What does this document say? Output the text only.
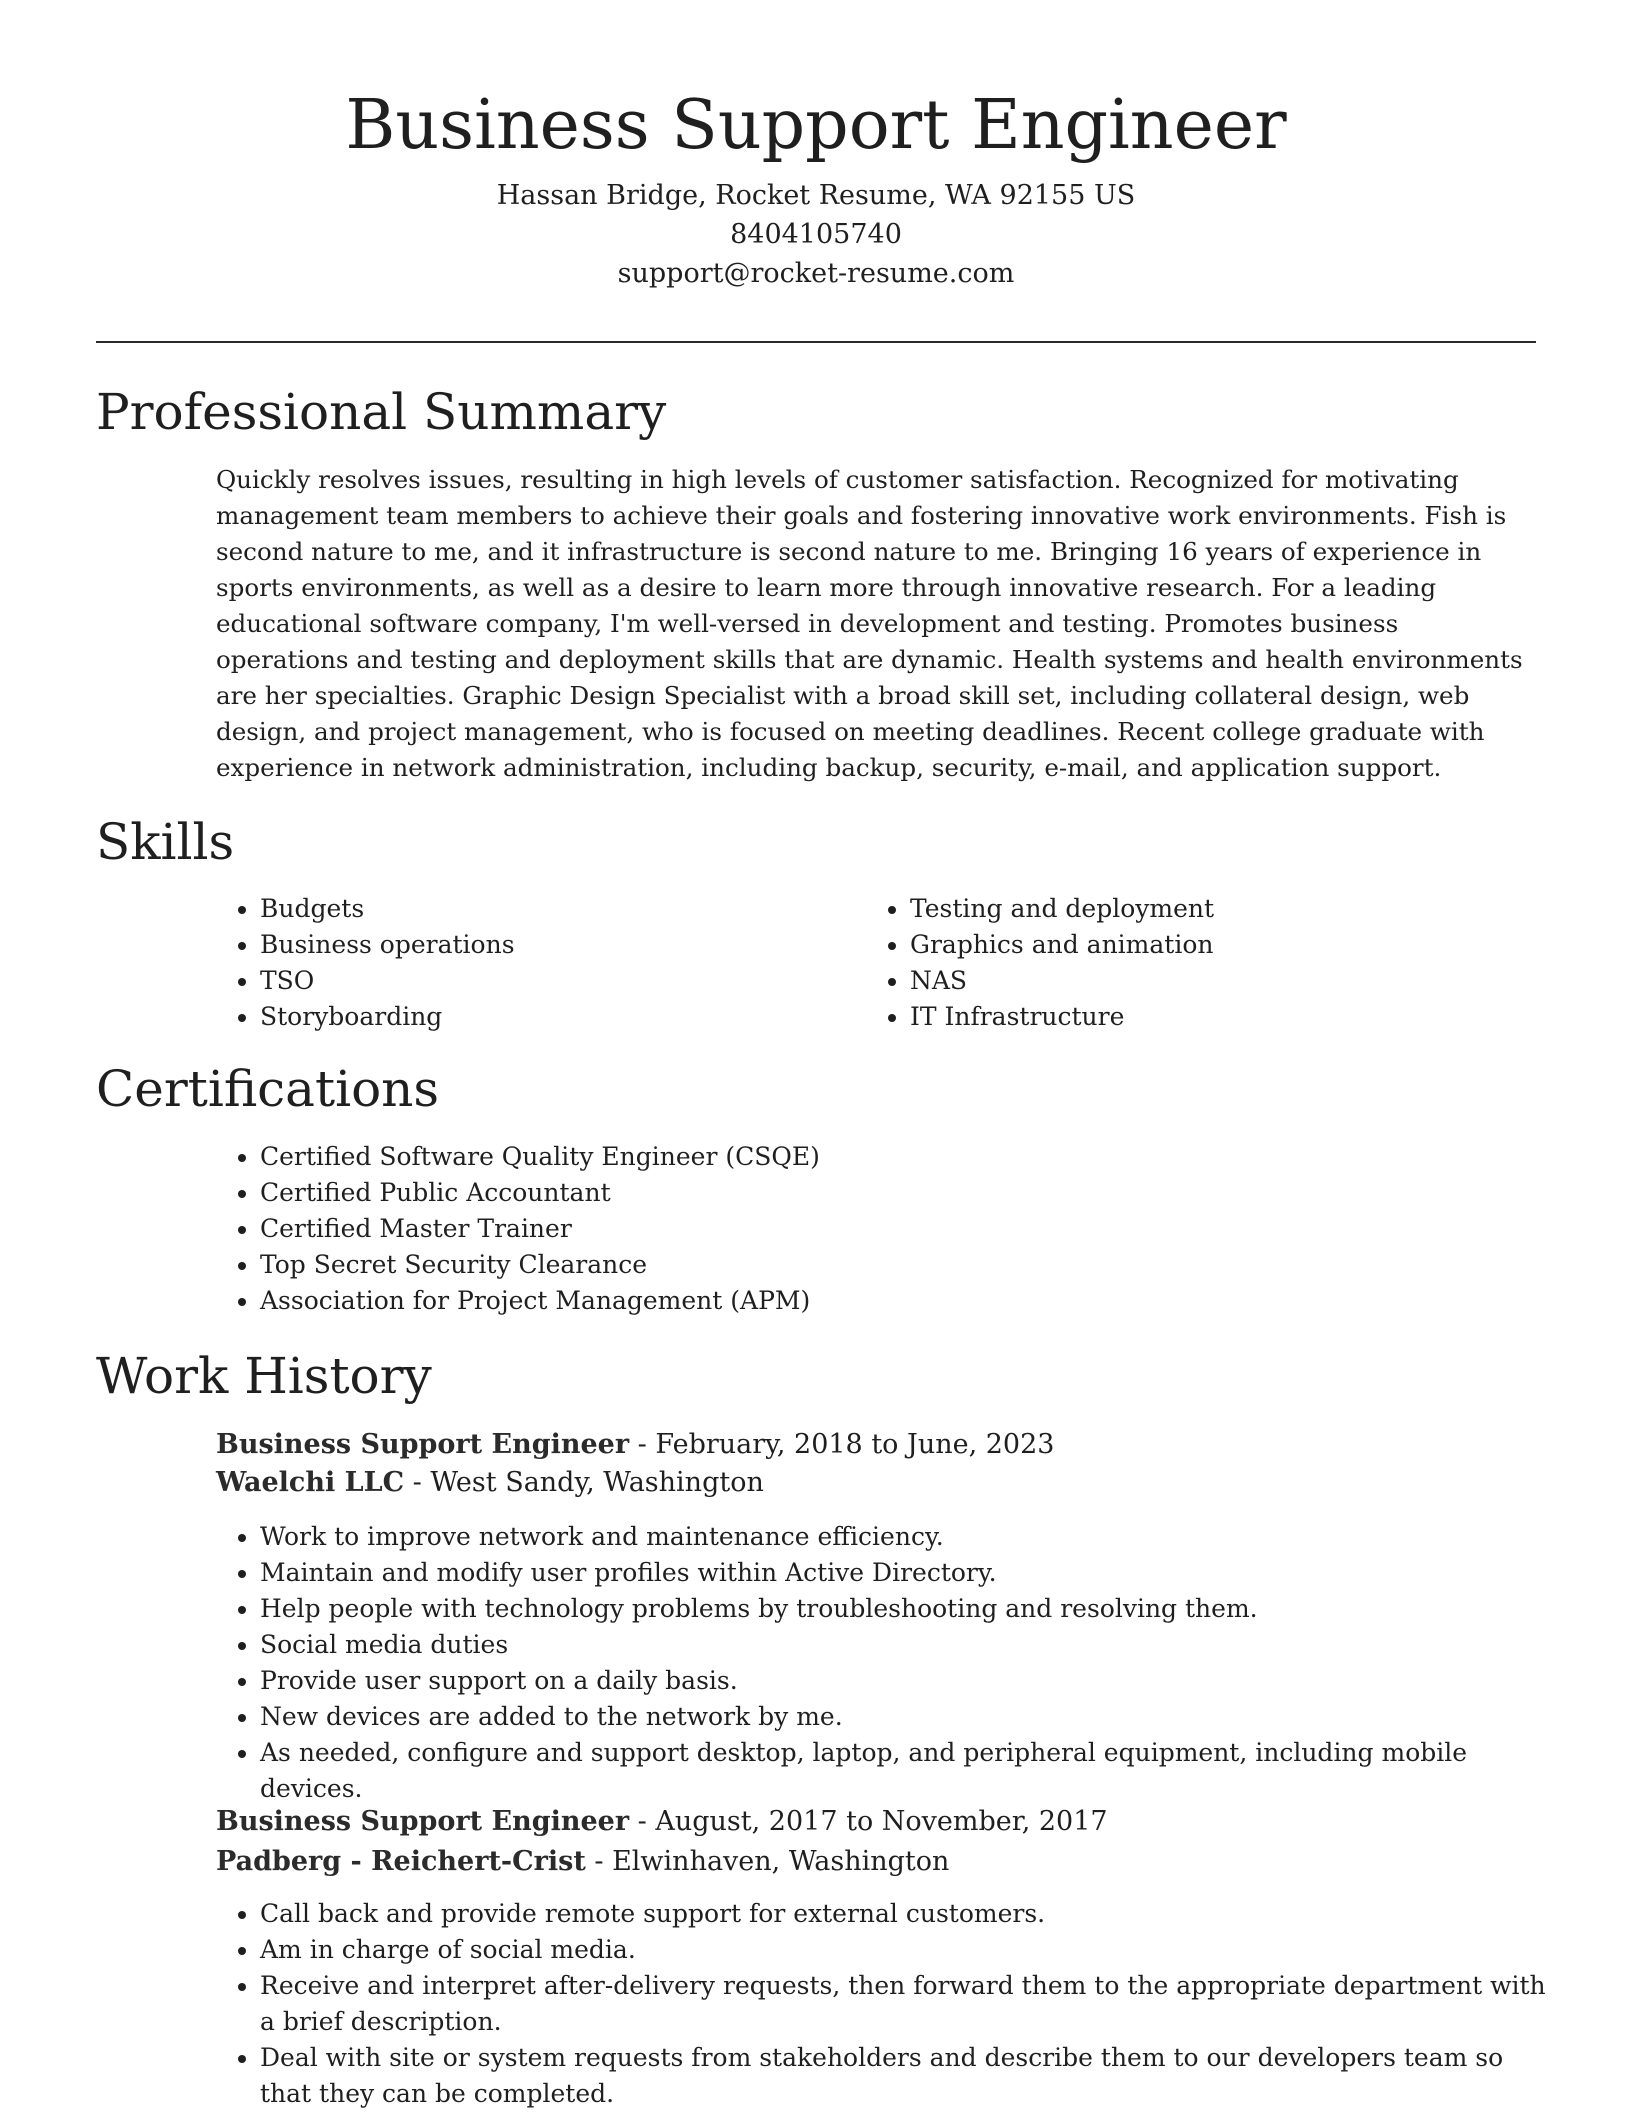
Business Support Engineer

Hassan Bridge, Rocket Resume, WA 92155 US

8404105740

support@rocket-resume.com

Professional Summary

Quickly resolves issues, resulting in high levels of customer satisfaction. Recognized for motivating management team members to achieve their goals and fostering innovative work environments. Fish is second nature to me, and it infrastructure is second nature to me. Bringing 16 years of experience in sports environments, as well as a desire to learn more through innovative research. For a leading educational software company, I'm well-versed in development and testing. Promotes business operations and testing and deployment skills that are dynamic. Health systems and health environments are her specialties. Graphic Design Specialist with a broad skill set, including collateral design, web design, and project management, who is focused on meeting deadlines. Recent college graduate with experience in network administration, including backup, security, e-mail, and application support.

Skills
• Budgets
• Business operations
• TSO
• Storyboarding
• Testing and deployment
• Graphics and animation
• NAS
• IT Infrastructure
Certifications
• Certified Software Quality Engineer (CSQE)
• Certified Public Accountant
• Certified Master Trainer
• Top Secret Security Clearance
• Association for Project Management (APM)
Work History

Business Support Engineer - February, 2018 to June, 2023

Waelchi LLC - West Sandy, Washington

• Work to improve network and maintenance efficiency.
• Maintain and modify user profiles within Active Directory.
• Help people with technology problems by troubleshooting and resolving them.
• Social media duties
• Provide user support on a daily basis.
• New devices are added to the network by me.
• As needed, configure and support desktop, laptop, and peripheral equipment, including mobile devices.

Business Support Engineer - August, 2017 to November, 2017

Padberg - Reichert-Crist - Elwinhaven, Washington

• Call back and provide remote support for external customers.
• Am in charge of social media.
• Receive and interpret after-delivery requests, then forward them to the appropriate department with a brief description.
• Deal with site or system requests from stakeholders and describe them to our developers team so that they can be completed.
